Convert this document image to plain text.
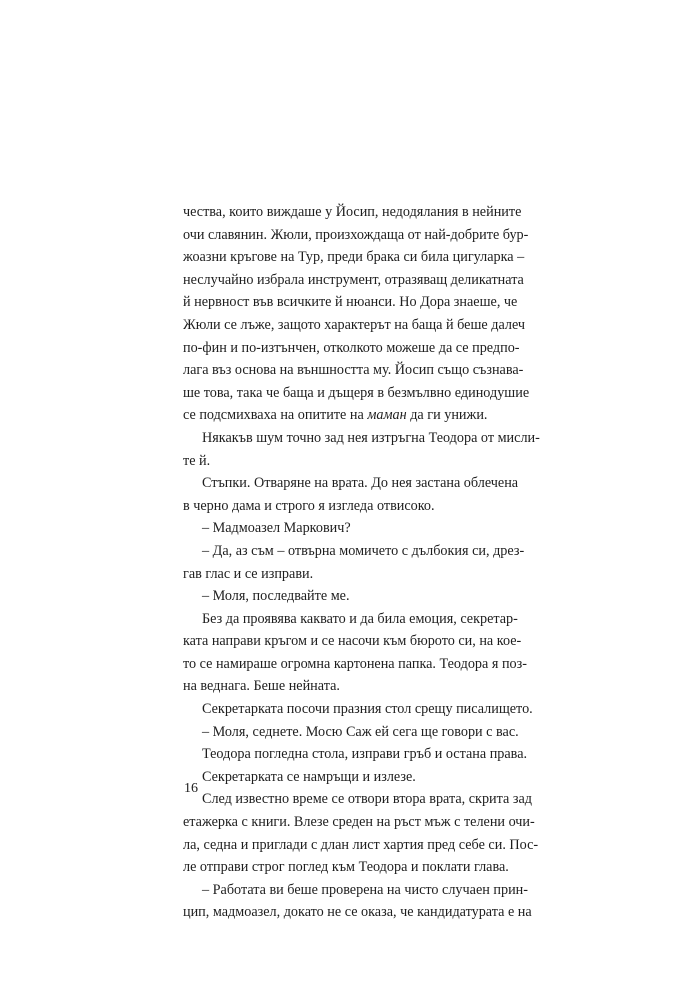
чества, които виждаше у Йосип, недодялания в нейните
очи славянин. Жюли, произхождаща от най-добрите бур-
жоазни кръгове на Тур, преди брака си била цигуларка –
неслучайно избрала инструмент, отразяващ деликатната
й нервност във всичките й нюанси. Но Дора знаеше, че
Жюли се лъже, защото характерът на баща й беше далеч
по-фин и по-изтънчен, отколкото можеше да се предпо-
лага въз основа на външността му. Йосип също съзнава-
ше това, така че баща и дъщеря в безмълвно единодушие
се подсмихваха на опитите на маман да ги унижи.
Някакъв шум точно зад нея изтръгна Теодора от мисли-
те й.
Стъпки. Отваряне на врата. До нея застана облечена
в черно дама и строго я изгледа отвисоко.
– Мадмоазел Маркович?
– Да, аз съм – отвърна момичето с дълбокия си, дрез-
гав глас и се изправи.
– Моля, последвайте ме.
Без да проявява каквато и да била емоция, секретар-
ката направи кръгом и се насочи към бюрото си, на кое-
то се намираше огромна картонена папка. Теодора я поз-
на веднага. Беше нейната.
Секретарката посочи празния стол срещу писалището.
– Моля, седнете. Мосю Саж ей сега ще говори с вас.
Теодора погледна стола, изправи гръб и остана права.
Секретарката се намръщи и излезе.
След известно време се отвори втора врата, скрита зад
етажерка с книги. Влезе среден на ръст мъж с телени очи-
ла, седна и приглади с длан лист хартия пред себе си. Пос-
ле отправи строг поглед към Теодора и поклати глава.
– Работата ви беше проверена на чисто случаен прин-
цип, мадмоазел, докато не се оказа, че кандидатурата е на
16
